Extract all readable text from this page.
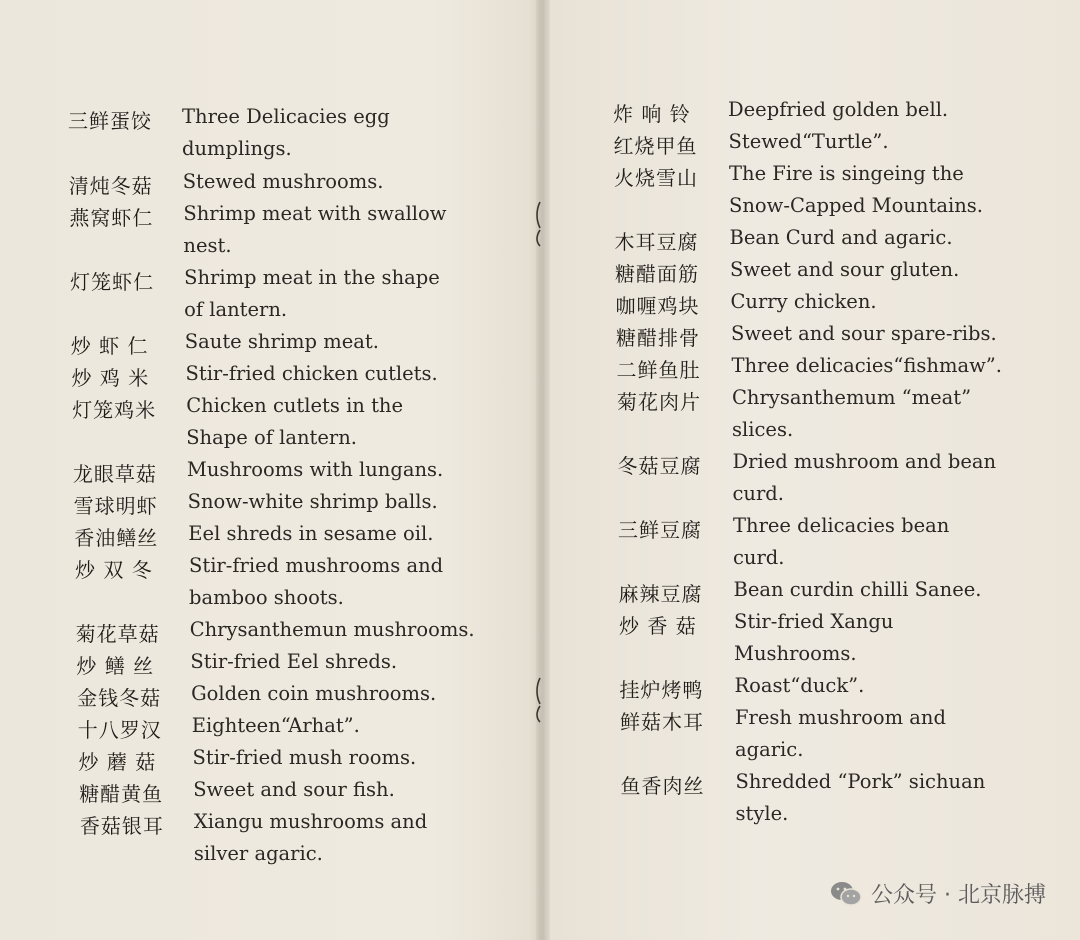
三鲜蛋饺 Three Delicacies egg
dumplings.
清炖冬菇 Stewed mushrooms.
燕窝虾仁 Shrimp meat with swallow
nest.
灯笼虾仁 Shrimp meat in the shape
of lantern.
炒 虾 仁 Saute shrimp meat.
炒 鸡 米 Stir-fried chicken cutlets.
灯笼鸡米 Chicken cutlets in the
Shape of lantern.
龙眼草菇 Mushrooms with lungans.
雪球明虾 Snow-white shrimp balls.
香油鳝丝 Eel shreds in sesame oil.
炒 双 冬 Stir-fried mushrooms and
bamboo shoots.
菊花草菇 Chrysanthemun mushrooms.
炒 鳝 丝 Stir-fried Eel shreds.
金钱冬菇 Golden coin mushrooms.
十八罗汉 Eighteen“Arhat”.
炒 蘑 菇 Stir-fried mush rooms.
糖醋黄鱼 Sweet and sour fish.
香菇银耳 Xiangu mushrooms and
silver agaric.
炸 响 铃 Deepfried golden bell.
红烧甲鱼 Stewed“Turtle”.
火烧雪山 The Fire is singeing the
Snow-Capped Mountains.
木耳豆腐 Bean Curd and agaric.
糖醋面筋 Sweet and sour gluten.
咖喱鸡块 Curry chicken.
糖醋排骨 Sweet and sour spare-ribs.
二鲜鱼肚 Three delicacies“fishmaw”.
菊花肉片 Chrysanthemum “meat”
slices.
冬菇豆腐 Dried mushroom and bean
curd.
三鲜豆腐 Three delicacies bean
curd.
麻辣豆腐 Bean curdin chilli Sanee.
炒 香 菇 Stir-fried Xangu
Mushrooms.
挂炉烤鸭 Roast“duck”.
鲜菇木耳 Fresh mushroom and
agaric.
鱼香肉丝 Shredded “Pork” sichuan
style.
公众号 · 北京脉搏
